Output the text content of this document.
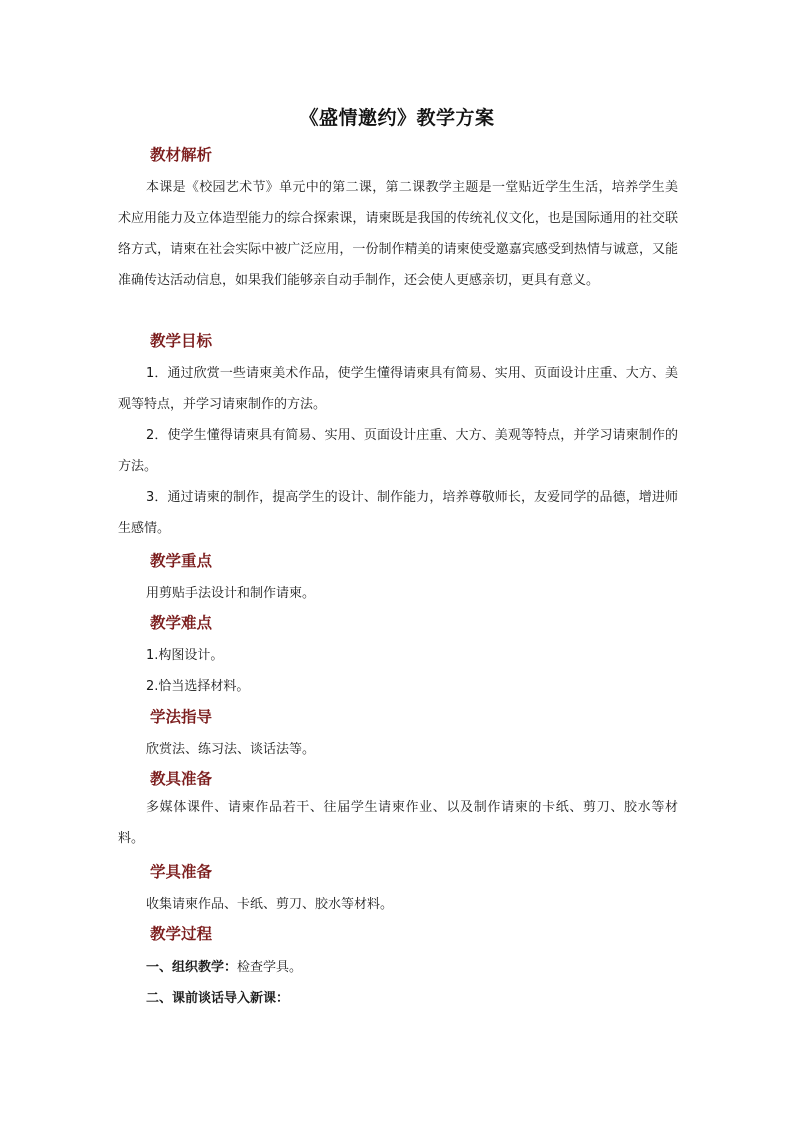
《盛情邀约》教学方案
教材解析

本课是《校园艺术节》单元中的第二课，第二课教学主题是一堂贴近学生生活，培养学生美术应用能力及立体造型能力的综合探索课，请柬既是我国的传统礼仪文化，也是国际通用的社交联络方式，请柬在社会实际中被广泛应用，一份制作精美的请柬使受邀嘉宾感受到热情与诚意，又能准确传达活动信息，如果我们能够亲自动手制作，还会使人更感亲切，更具有意义。

教学目标

1．通过欣赏一些请柬美术作品，使学生懂得请柬具有简易、实用、页面设计庄重、大方、美观等特点，并学习请柬制作的方法。

2．使学生懂得请柬具有简易、实用、页面设计庄重、大方、美观等特点，并学习请柬制作的方法。

3．通过请柬的制作，提高学生的设计、制作能力，培养尊敬师长，友爱同学的品德，增进师生感情。

教学重点

用剪贴手法设计和制作请柬。

教学难点

1.构图设计。

2.恰当选择材料。

学法指导

欣赏法、练习法、谈话法等。

教具准备

多媒体课件、请柬作品若干、往届学生请柬作业、以及制作请柬的卡纸、剪刀、胶水等材料。

学具准备

收集请柬作品、卡纸、剪刀、胶水等材料。

教学过程

一、组织教学：检查学具。

二、课前谈话导入新课：
